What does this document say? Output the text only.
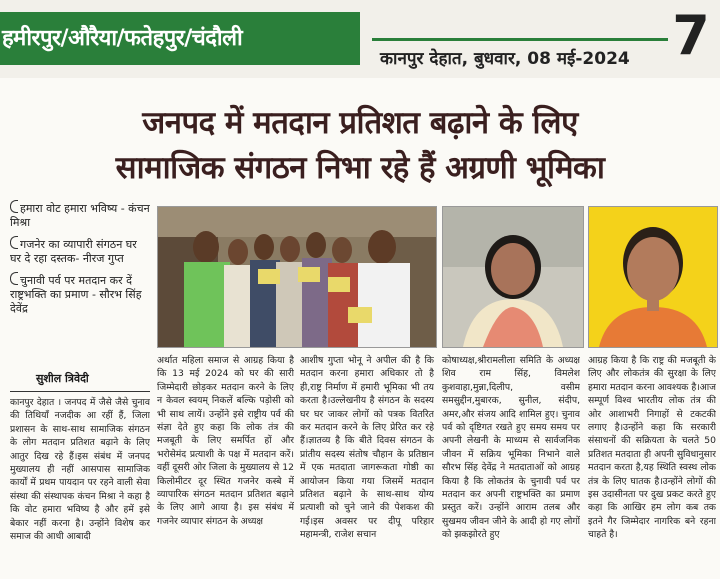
हमीरपुर/औरैया/फतेहपुर/चंदौली
कानपुर देहात, बुधवार, 08 मई-2024 7
जनपद में मतदान प्रतिशत बढ़ाने के लिए
सामाजिक संगठन निभा रहे हैं अग्रणी भूमिका
हमारा वोट हमारा भविष्य - कंचन मिश्रा
गजनेर का व्यापारी संगठन घर घर दे रहा दस्तक- नीरज गुप्त
चुनावी पर्व पर मतदान कर दें राष्ट्रभक्ति का प्रमाण - सौरभ सिंह देवेंद्र
सुशील त्रिवेदी
कानपुर देहात । जनपद में जैसे जैसे चुनाव की तिथियाँ नजदीक आ रहीं हैं, जिला प्रशासन के साथ-साथ सामाजिक संगठन के लोग मतदान प्रतिशत बढ़ाने के लिए आतुर दिख रहे हैं।इस संबंध में जनपद मुख्यालय ही नहीं आसपास सामाजिक कार्यों में प्रथम पायदान पर रहने वाली सेवा संस्था की संस्थापक कंचन मिश्रा ने कहा है कि वोट हमारा भविष्य है और हमें इसे बेकार नहीं करना है। उन्होंने विशेष कर समाज की आधी आबादी
अर्थात महिला समाज से आग्रह किया है कि 13 मई 2024 को घर की सारी जिम्मेदारी छोड़कर मतदान करने के लिए न केवल स्वयम् निकलें बल्कि पड़ोसी को भी साथ लायें। उन्होंने इसे राष्ट्रीय पर्व की संज्ञा देते हुए कहा कि लोक तंत्र की मजबूती के लिए समर्पित हों और भरोसेमंद प्रत्याशी के पक्ष में मतदान करें।वहीं दूसरी ओर जिला के मुख्यालय से 12 किलोमीटर दूर स्थित गजनेर कस्बे में व्यापारिक संगठन मतदान प्रतिशत बढ़ाने के लिए आगे आया है। इस संबंध में गजनेर व्यापार संगठन के अध्यक्ष
आशीष गुप्ता भोनू ने अपील की है कि मतदान करना हमारा अधिकार तो है ही,राष्ट्र निर्माण में हमारी भूमिका भी तय करता है।उल्लेखनीय है संगठन के सदस्य घर घर जाकर लोगों को पत्रक वितरित कर मतदान करने के लिए प्रेरित कर रहे हैं।ज्ञातव्य है कि बीते दिवस संगठन के प्रांतीय सदस्य संतोष चौहान के प्रतिष्ठान में एक मतदाता जागरूकता गोष्ठी का आयोजन किया गया जिसमें मतदान प्रतिशत बढ़ाने के साथ-साथ योग्य प्रत्याशी को चुने जाने की पेशकश की गई।इस अवसर पर दीपू परिहार महामन्त्री, राजेश सचान
कोषाध्यक्ष,श्रीरामलीला समिति के अध्यक्ष शिव राम सिंह, विमलेश कुशवाहा,मुन्ना,दिलीप, वसीम समसुद्दीन,मुबारक, सुनील, संदीप, अमर,और संजय आदि शामिल हुए। चुनाव पर्व को दृष्टिगत रखते हुए समय समय पर अपनी लेखनी के माध्यम से सार्वजनिक जीवन में सक्रिय भूमिका निभाने वाले सौरभ सिंह देवेंद्र ने मतदाताओं को आग्रह किया है कि लोकतंत्र के चुनावी पर्व पर मतदान कर अपनी राष्ट्रभक्ति का प्रमाण प्रस्तुत करें। उन्होंने आराम तलब और सुखमय जीवन जीने के आदी हो गए लोगों को झकझोरते हुए
आग्रह किया है कि राष्ट्र की मजबूती के लिए और लोकतंत्र की सुरक्षा के लिए हमारा मतदान करना आवश्यक है।आज सम्पूर्ण विश्व भारतीय लोक तंत्र की ओर आशाभरी निगाहों से टकटकी लगाए है।उन्होंने कहा कि सरकारी संसाधनों की सक्रियता के चलते 50 प्रतिशत मतदाता ही अपनी सुविधानुसार मतदान करता है,यह स्थिति स्वस्थ लोक तंत्र के लिए घातक है।उन्होंने लोगों की इस उदासीनता पर दुख प्रकट करते हुए कहा कि आखिर हम लोग कब तक इतने गैर जिम्मेदार नागरिक बने रहना चाहते है।
